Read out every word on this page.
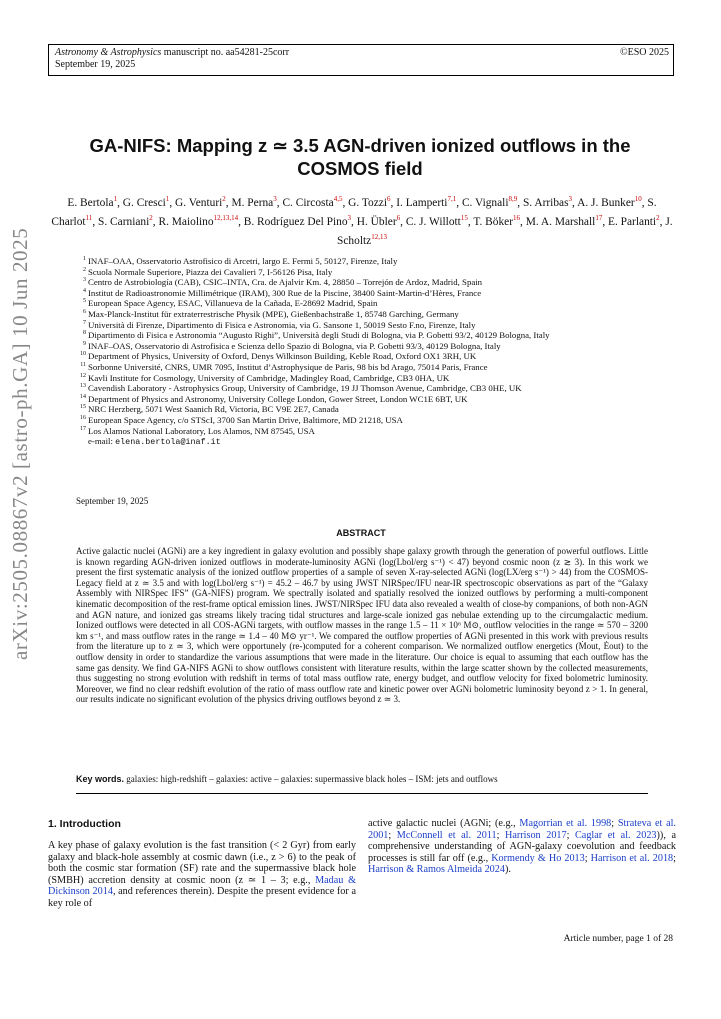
Astronomy & Astrophysics manuscript no. aa54281-25corr
September 19, 2025
©ESO 2025
arXiv:2505.08867v2 [astro-ph.GA] 10 Jun 2025
GA-NIFS: Mapping z ≃ 3.5 AGN-driven ionized outflows in the COSMOS field
E. Bertola$^1$, G. Cresci$^1$, G. Venturi$^2$, M. Perna$^3$, C. Circosta$^{4,5}$, G. Tozzi$^6$, I. Lamperti$^{7,1}$, C. Vignali$^{8,9}$, S. Arribas$^3$, A. J. Bunker$^{10}$, S. Charlot$^{11}$, S. Carniani$^2$, R. Maiolino$^{12,13,14}$, B. Rodríguez Del Pino$^3$, H. Übler$^6$, C. J. Willott$^{15}$, T. Böker$^{16}$, M. A. Marshall$^{17}$, E. Parlanti$^2$, J. Scholtz$^{12,13}$
1 INAF–OAA, Osservatorio Astrofisico di Arcetri, largo E. Fermi 5, 50127, Firenze, Italy
2 Scuola Normale Superiore, Piazza dei Cavalieri 7, I-56126 Pisa, Italy
3 Centro de Astrobiología (CAB), CSIC–INTA, Cra. de Ajalvir Km. 4, 28850 – Torrejón de Ardoz, Madrid, Spain
4 Institut de Radioastronomie Millimétrique (IRAM), 300 Rue de la Piscine, 38400 Saint-Martin-d’Hères, France
5 European Space Agency, ESAC, Villanueva de la Cañada, E-28692 Madrid, Spain
6 Max-Planck-Institut für extraterrestrische Physik (MPE), Gießenbachstraße 1, 85748 Garching, Germany
7 Università di Firenze, Dipartimento di Fisica e Astronomia, via G. Sansone 1, 50019 Sesto F.no, Firenze, Italy
8 Dipartimento di Fisica e Astronomia “Augusto Righi”, Università degli Studi di Bologna, via P. Gobetti 93/2, 40129 Bologna, Italy
9 INAF–OAS, Osservatorio di Astrofisica e Scienza dello Spazio di Bologna, via P. Gobetti 93/3, 40129 Bologna, Italy
10 Department of Physics, University of Oxford, Denys Wilkinson Building, Keble Road, Oxford OX1 3RH, UK
11 Sorbonne Université, CNRS, UMR 7095, Institut d’Astrophysique de Paris, 98 bis bd Arago, 75014 Paris, France
12 Kavli Institute for Cosmology, University of Cambridge, Madingley Road, Cambridge, CB3 0HA, UK
13 Cavendish Laboratory - Astrophysics Group, University of Cambridge, 19 JJ Thomson Avenue, Cambridge, CB3 0HE, UK
14 Department of Physics and Astronomy, University College London, Gower Street, London WC1E 6BT, UK
15 NRC Herzberg, 5071 West Saanich Rd, Victoria, BC V9E 2E7, Canada
16 European Space Agency, c/o STScI, 3700 San Martin Drive, Baltimore, MD 21218, USA
17 Los Alamos National Laboratory, Los Alamos, NM 87545, USA
e-mail: elena.bertola@inaf.it
September 19, 2025
ABSTRACT
Active galactic nuclei (AGNi) are a key ingredient in galaxy evolution and possibly shape galaxy growth through the generation of powerful outflows. Little is known regarding AGN-driven ionized outflows in moderate-luminosity AGNi (log(Lbol/erg s⁻¹) < 47) beyond cosmic noon (z ≳ 3). In this work we present the first systematic analysis of the ionized outflow properties of a sample of seven X-ray-selected AGNi (log(LX/erg s⁻¹) > 44) from the COSMOS-Legacy field at z ≃ 3.5 and with log(Lbol/erg s⁻¹) = 45.2 – 46.7 by using JWST NIRSpec/IFU near-IR spectroscopic observations as part of the “Galaxy Assembly with NIRSpec IFS” (GA-NIFS) program. We spectrally isolated and spatially resolved the ionized outflows by performing a multi-component kinematic decomposition of the rest-frame optical emission lines. JWST/NIRSpec IFU data also revealed a wealth of close-by companions, of both non-AGN and AGN nature, and ionized gas streams likely tracing tidal structures and large-scale ionized gas nebulae extending up to the circumgalactic medium. Ionized outflows were detected in all COS-AGNi targets, with outflow masses in the range 1.5 – 11 × 10⁶ M⊙, outflow velocities in the range ≃ 570 – 3200 km s⁻¹, and mass outflow rates in the range ≃ 1.4 – 40 M⊙ yr⁻¹. We compared the outflow properties of AGNi presented in this work with previous results from the literature up to z ≃ 3, which were opportunely (re-)computed for a coherent comparison. We normalized outflow energetics (Ṁout, Ėout) to the outflow density in order to standardize the various assumptions that were made in the literature. Our choice is equal to assuming that each outflow has the same gas density. We find GA-NIFS AGNi to show outflows consistent with literature results, within the large scatter shown by the collected measurements, thus suggesting no strong evolution with redshift in terms of total mass outflow rate, energy budget, and outflow velocity for fixed bolometric luminosity. Moreover, we find no clear redshift evolution of the ratio of mass outflow rate and kinetic power over AGNi bolometric luminosity beyond z > 1. In general, our results indicate no significant evolution of the physics driving outflows beyond z ≃ 3.
Key words. galaxies: high-redshift – galaxies: active – galaxies: supermassive black holes – ISM: jets and outflows
1. Introduction
A key phase of galaxy evolution is the fast transition (< 2 Gyr) from early galaxy and black-hole assembly at cosmic dawn (i.e., z > 6) to the peak of both the cosmic star formation (SF) rate and the supermassive black hole (SMBH) accretion density at cosmic noon (z ≃ 1 – 3; e.g., Madau & Dickinson 2014, and references therein). Despite the present evidence for a key role of
active galactic nuclei (AGNi; (e.g., Magorrian et al. 1998; Strateva et al. 2001; McConnell et al. 2011; Harrison 2017; Caglar et al. 2023)), a comprehensive understanding of AGN-galaxy coevolution and feedback processes is still far off (e.g., Kormendy & Ho 2013; Harrison et al. 2018; Harrison & Ramos Almeida 2024).
Article number, page 1 of 28
